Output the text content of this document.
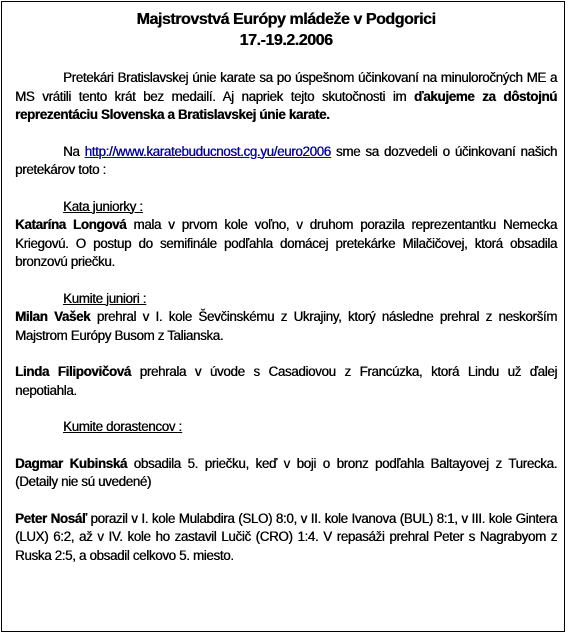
Majstrovstvá Európy mládeže v Podgorici
17.-19.2.2006

Pretekári Bratislavskej únie karate sa po úspešnom účinkovaní na minuloročných ME a MS vrátili tento krát bez medailí. Aj napriek tejto skutočnosti im ďakujeme za dôstojnú reprezentáciu Slovenska a Bratislavskej únie karate.

Na http://www.karatebuducnost.cg.yu/euro2006 sme sa dozvedeli o účinkovaní našich pretekárov toto :

Kata juniorky :

Katarína Longová mala v prvom kole voľno, v druhom porazila reprezentantku Nemecka Kriegovú. O postup do semifinále podľahla domácej pretekárke Milačičovej, ktorá obsadila bronzovú priečku.

Kumite juniori :

Milan Vašek prehral v I. kole Ševčinskému z Ukrajiny, ktorý následne prehral z neskorším Majstrom Európy Busom z Talianska.

Linda Filipovičová prehrala v úvode s Casadiovou z Francúzka, ktorá Lindu už ďalej nepotiahla.

Kumite dorastencov :

Dagmar Kubinská obsadila 5. priečku, keď v boji o bronz podľahla Baltayovej z Turecka. (Detaily nie sú uvedené)

Peter Nosáľ porazil v I. kole Mulabdira (SLO) 8:0, v II. kole Ivanova (BUL) 8:1, v III. kole Gintera (LUX) 6:2, až v IV. kole ho zastavil Lučič (CRO) 1:4. V repasáži prehral Peter s Nagrabyom z Ruska 2:5, a obsadil celkovo 5. miesto.
